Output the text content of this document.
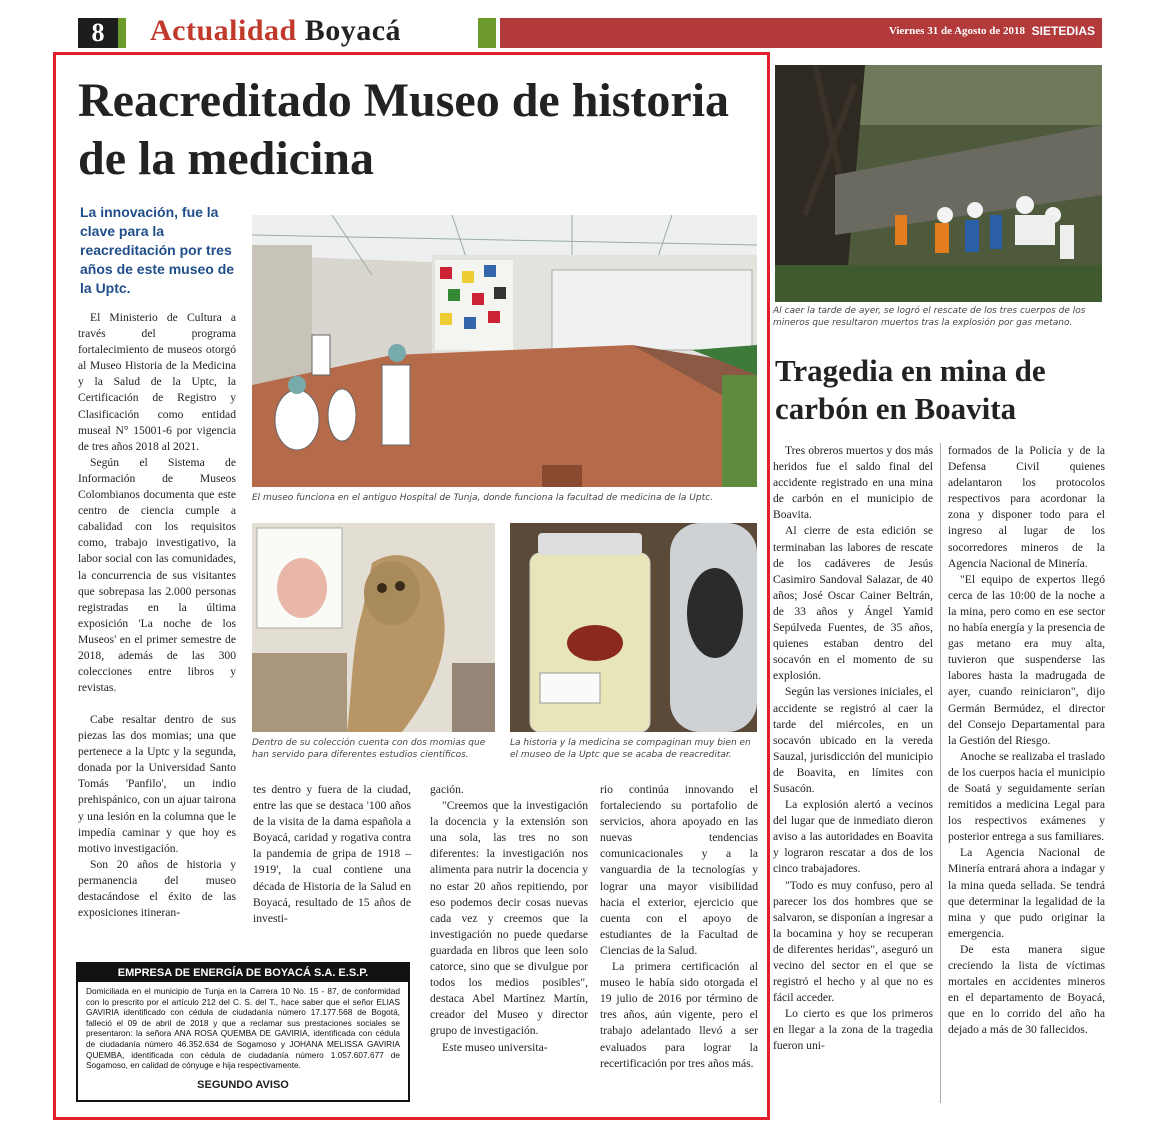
8	Actualidad Boyacá	Viernes 31 de Agosto de 2018 SIETEDIAS
Reacreditado Museo de historia de la medicina
La innovación, fue la clave para la reacreditación por tres años de este museo de la Uptc.
El museo funciona en el antiguo Hospital de Tunja, donde funciona la facultad de medicina de la Uptc.
Dentro de su colección cuenta con dos momias que han servido para diferentes estudios científicos.
La historia y la medicina se compaginan muy bien en el museo de la Uptc que se acaba de reacreditar.

El Ministerio de Cultura a través del programa fortalecimiento de museos otorgó al Museo Historia de la Medicina y la Salud de la Uptc, la Certificación de Registro y Clasificación como entidad museal N° 15001-6 por vigencia de tres años 2018 al 2021.

Según el Sistema de Información de Museos Colombianos documenta que este centro de ciencia cumple a cabalidad con los requisitos como, trabajo investigativo, la labor social con las comunidades, la concurrencia de sus visitantes que sobrepasa las 2.000 personas registradas en la última exposición 'La noche de los Museos' en el primer semestre de 2018, además de las 300 colecciones entre libros y revistas.

Cabe resaltar dentro de sus piezas las dos momias; una que pertenece a la Uptc y la segunda, donada por la Universidad Santo Tomás 'Panfilo', un indio prehispánico, con un ajuar tairona y una lesión en la columna que le impedía caminar y que hoy es motivo investigación.

Son 20 años de historia y permanencia del museo destacándose el éxito de las exposiciones itineran-

tes dentro y fuera de la ciudad, entre las que se destaca '100 años de la visita de la dama española a Boyacá, caridad y rogativa contra la pandemia de gripa de 1918 –1919', la cual contiene una década de Historia de la Salud en Boyacá, resultado de 15 años de investi-

gación.

"Creemos que la investigación la docencia y la extensión son una sola, las tres no son diferentes: la investigación nos alimenta para nutrir la docencia y no estar 20 años repitiendo, por eso podemos decir cosas nuevas cada vez y creemos que la investigación no puede quedarse guardada en libros que leen solo catorce, sino que se divulgue por todos los medios posibles", destaca Abel Martínez Martín, creador del Museo y director grupo de investigación.

Este museo universita-

rio continúa innovando el fortaleciendo su portafolio de servicios, ahora apoyado en las nuevas tendencias comunicacionales y a la vanguardia de la tecnologías y lograr una mayor visibilidad hacia el exterior, ejercicio que cuenta con el apoyo de estudiantes de la Facultad de Ciencias de la Salud.

La primera certificación al museo le había sido otorgada el 19 julio de 2016 por término de tres años, aún vigente, pero el trabajo adelantado llevó a ser evaluados para lograr la recertificación por tres años más.

EMPRESA DE ENERGÍA DE BOYACÁ S.A. E.S.P.
Domiciliada en el municipio de Tunja en la Carrera 10 No. 15 - 87, de conformidad con lo prescrito por el artículo 212 del C. S. del T., hace saber que el señor ELIAS GAVIRIA identificado con cédula de ciudadanía número 17.177.568 de Bogotá, falleció el 09 de abril de 2018 y que a reclamar sus prestaciones sociales se presentaron: la señora ANA ROSA QUEMBA DE GAVIRIA, identificada con cédula de ciudadanía número 46.352.634 de Sogamoso y JOHANA MELISSA GAVIRIA QUEMBA, identificada con cédula de ciudadanía número 1.057.607.677 de Sogamoso, en calidad de cónyuge e hija respectivamente.
SEGUNDO AVISO
Al caer la tarde de ayer, se logró el rescate de los tres cuerpos de los mineros que resultaron muertos tras la explosión por gas metano.
Tragedia en mina de carbón en Boavita

Tres obreros muertos y dos más heridos fue el saldo final del accidente registrado en una mina de carbón en el municipio de Boavita.

Al cierre de esta edición se terminaban las labores de rescate de los cadáveres de Jesús Casimiro Sandoval Salazar, de 40 años; José Oscar Cainer Beltrán, de 33 años y Ángel Yamid Sepúlveda Fuentes, de 35 años, quienes estaban dentro del socavón en el momento de su explosión.

Según las versiones iniciales, el accidente se registró al caer la tarde del miércoles, en un socavón ubicado en la vereda Sauzal, jurisdicción del municipio de Boavita, en límites con Susacón.

La explosión alertó a vecinos del lugar que de inmediato dieron aviso a las autoridades en Boavita y lograron rescatar a dos de los cinco trabajadores.

"Todo es muy confuso, pero al parecer los dos hombres que se salvaron, se disponían a ingresar a la bocamina y hoy se recuperan de diferentes heridas", aseguró un vecino del sector en el que se registró el hecho y al que no es fácil acceder.

Lo cierto es que los primeros en llegar a la zona de la tragedia fueron uni-

formados de la Policía y de la Defensa Civil quienes adelantaron los protocolos respectivos para acordonar la zona y disponer todo para el ingreso al lugar de los socorredores mineros de la Agencia Nacional de Minería.

"El equipo de expertos llegó cerca de las 10:00 de la noche a la mina, pero como en ese sector no había energía y la presencia de gas metano era muy alta, tuvieron que suspenderse las labores hasta la madrugada de ayer, cuando reiniciaron", dijo Germán Bermúdez, el director del Consejo Departamental para la Gestión del Riesgo.

Anoche se realizaba el traslado de los cuerpos hacia el municipio de Soatá y seguidamente serían remitidos a medicina Legal para los respectivos exámenes y posterior entrega a sus familiares.

La Agencia Nacional de Minería entrará ahora a indagar y la mina queda sellada. Se tendrá que determinar la legalidad de la mina y que pudo originar la emergencia.

De esta manera sigue creciendo la lista de víctimas mortales en accidentes mineros en el departamento de Boyacá, que en lo corrido del año ha dejado a más de 30 fallecidos.
